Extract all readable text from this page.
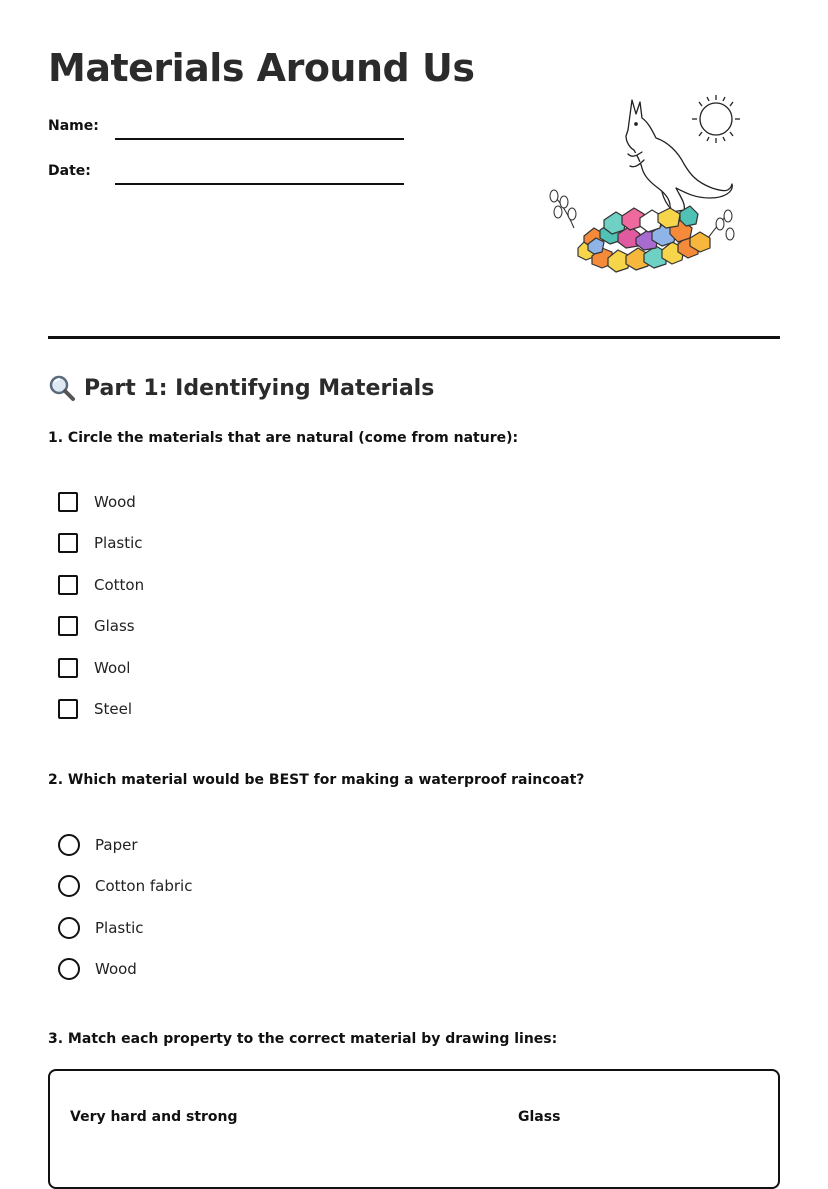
Materials Around Us
Name:
Date:
Part 1: Identifying Materials
1. Circle the materials that are natural (come from nature):
Wood
Plastic
Cotton
Glass
Wool
Steel
2. Which material would be BEST for making a waterproof raincoat?
Paper
Cotton fabric
Plastic
Wood
3. Match each property to the correct material by drawing lines:
Very hard and strong	Glass
